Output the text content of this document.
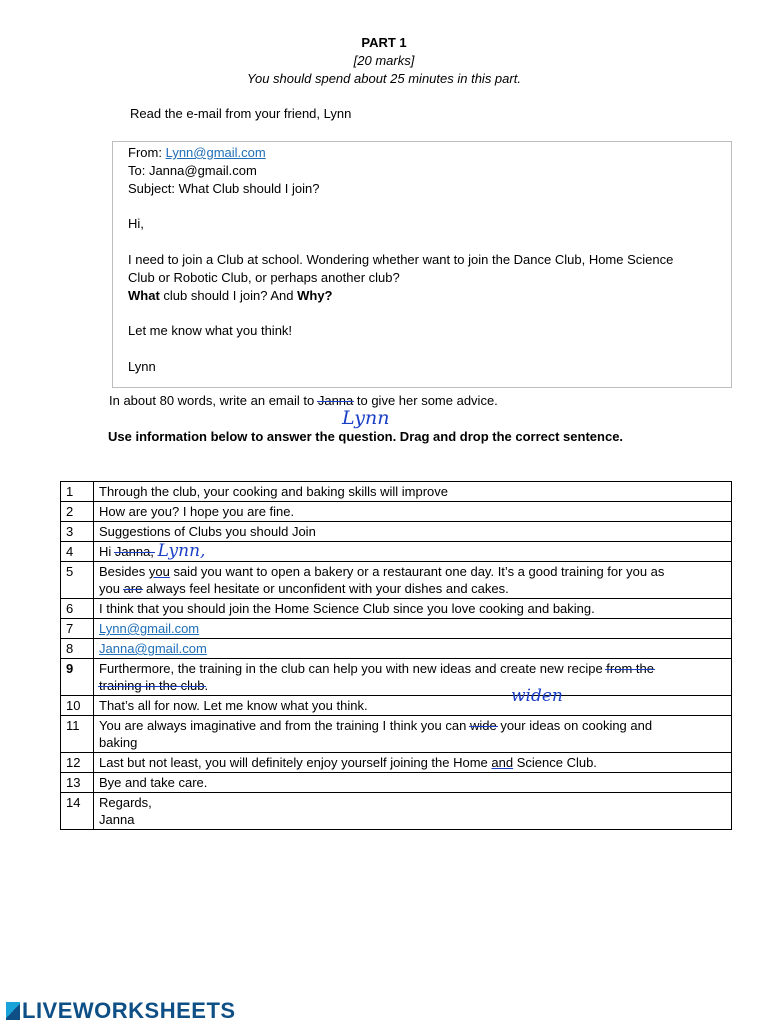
PART 1
[20 marks]
You should spend about 25 minutes in this part.
Read the e-mail from your friend, Lynn
From: Lynn@gmail.com
To: Janna@gmail.com
Subject: What Club should I join?
Hi,
I need to join a Club at school. Wondering whether want to join the Dance Club, Home Science
Club or Robotic Club, or perhaps another club?
What club should I join? And Why?
Let me know what you think!
Lynn
In about 80 words, write an email to Janna to give her some advice.
Lynn
Use information below to answer the question. Drag and drop the correct sentence.
1	Through the club, your cooking and baking skills will improve
2	How are you? I hope you are fine.
3	Suggestions of Clubs you should Join
4	Hi Janna, Lynn,
5	Besides you said you want to open a bakery or a restaurant one day. It’s a good training for you as
you are always feel hesitate or unconfident with your dishes and cakes.
6	I think that you should join the Home Science Club since you love cooking and baking.
7	Lynn@gmail.com
8	Janna@gmail.com
9	Furthermore, the training in the club can help you with new ideas and create new recipe from the
training in the club.
10	That’s all for now. Let me know what you think.
11	You are always imaginative and from the training I think you can wide your ideas on cooking and
baking
12	Last but not least, you will definitely enjoy yourself joining the Home and Science Club.
13	Bye and take care.
14	Regards,
Janna
widen
LIVEWORKSHEETS
